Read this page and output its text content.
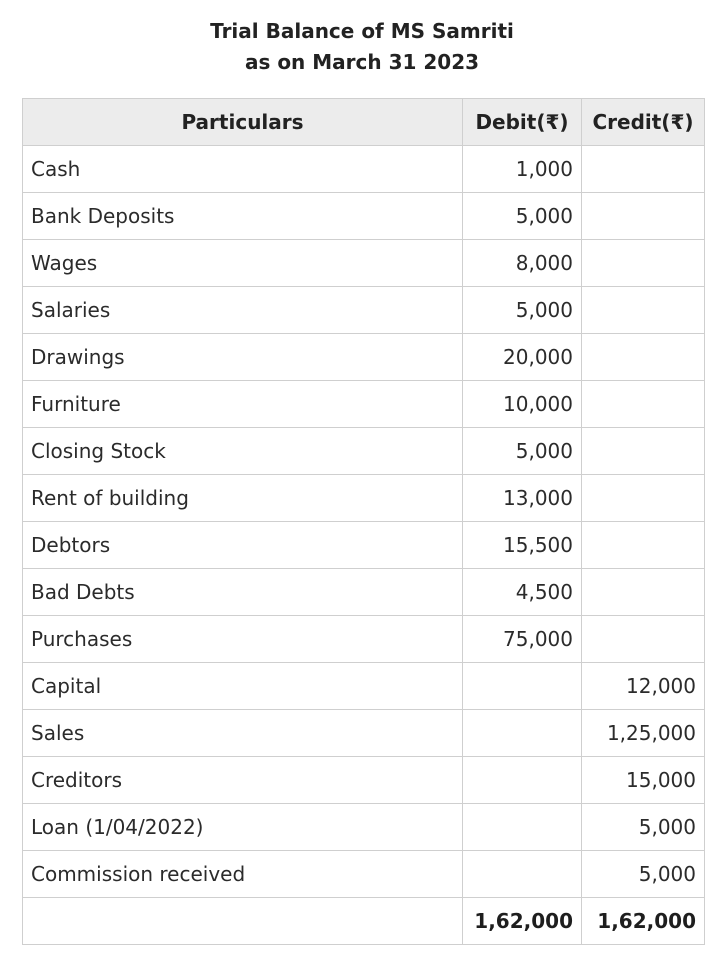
Trial Balance of MS Samriti
as on March 31 2023
Particulars	Debit(₹)	Credit(₹)
Cash	1,000	
Bank Deposits	5,000	
Wages	8,000	
Salaries	5,000	
Drawings	20,000	
Furniture	10,000	
Closing Stock	5,000	
Rent of building	13,000	
Debtors	15,500	
Bad Debts	4,500	
Purchases	75,000	
Capital		12,000
Sales		1,25,000
Creditors		15,000
Loan (1/04/2022)		5,000
Commission received		5,000
	1,62,000	1,62,000
